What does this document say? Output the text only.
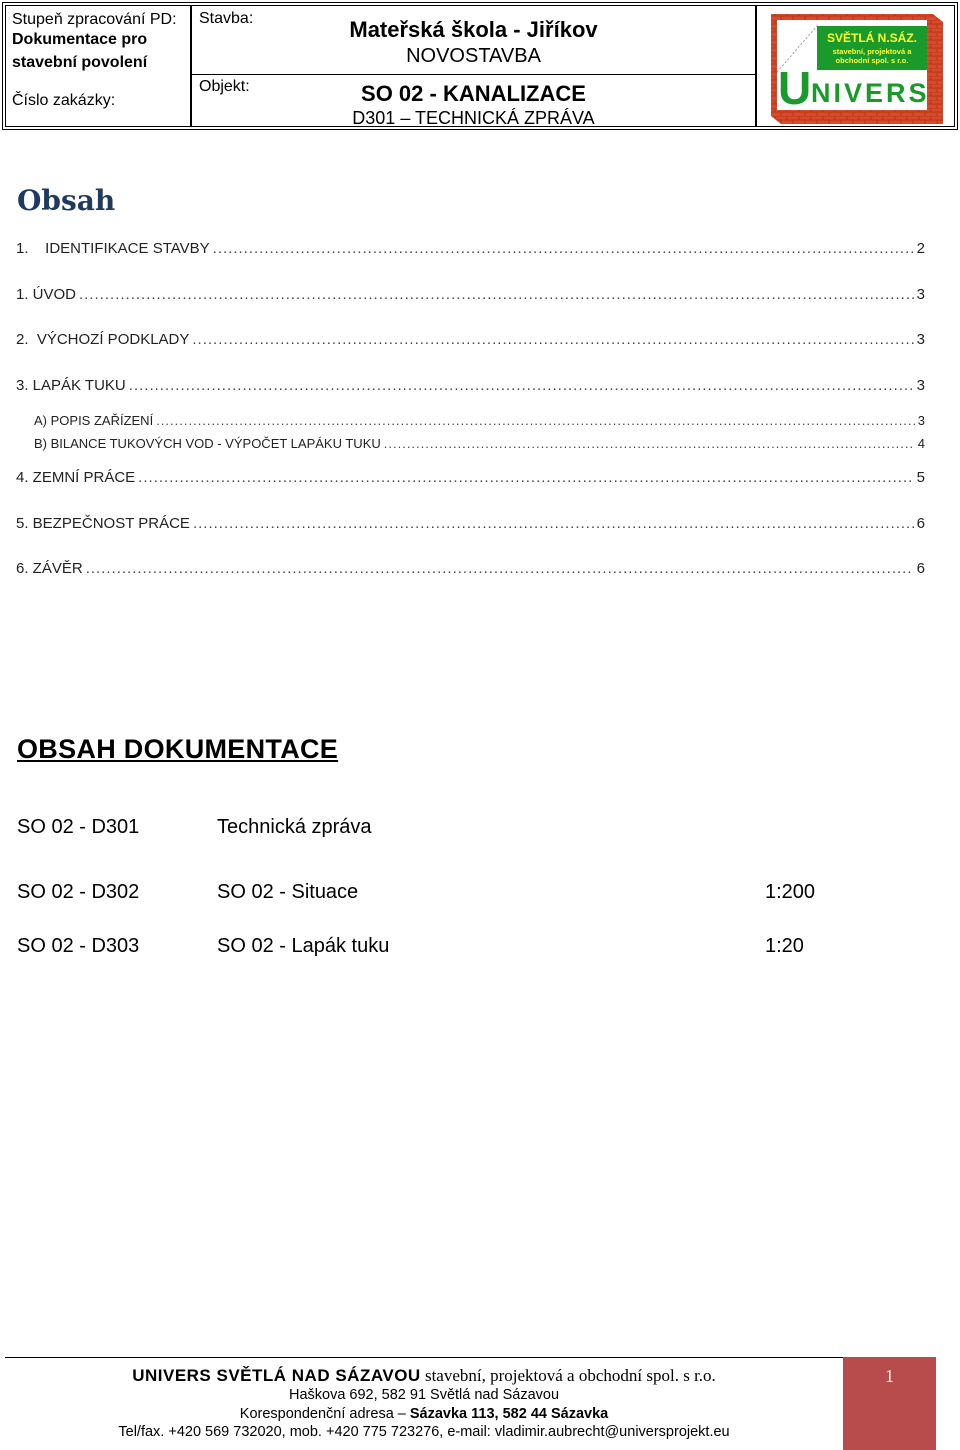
Stupeň zpracování PD:
Dokumentace pro
stavební povolení
Číslo zakázky:
Stavba:	Mateřská škola - Jiříkov
NOVOSTAVBA
Objekt:	SO 02 - KANALIZACE
D301 – TECHNICKÁ ZPRÁVA
SVĚTLÁ N.SÁZ.
stavební, projektová a
obchodní spol. s r.o.
U NIVERS
Obsah
1.    IDENTIFIKACE STAVBY .....	2
1. ÚVOD .....	3
2.  VÝCHOZÍ PODKLADY .....	3
3. LAPÁK TUKU .....	3
A) POPIS ZAŘÍZENÍ .....	3
B) BILANCE TUKOVÝCH VOD - VÝPOČET LAPÁKU TUKU .....	4
4. ZEMNÍ PRÁCE .....	5
5. BEZPEČNOST PRÁCE .....	6
6. ZÁVĚR .....	6
OBSAH DOKUMENTACE
SO 02 - D301	Technická zpráva
SO 02 - D302	SO 02 - Situace	1:200
SO 02 - D303	SO 02 - Lapák tuku	1:20
UNIVERS SVĚTLÁ NAD SÁZAVOU stavební, projektová a obchodní spol. s r.o.
Haškova 692, 582 91 Světlá nad Sázavou
Korespondenční adresa – Sázavka 113, 582 44 Sázavka
Tel/fax. +420 569 732020, mob. +420 775 723276, e-mail: vladimir.aubrecht@universprojekt.eu
1
